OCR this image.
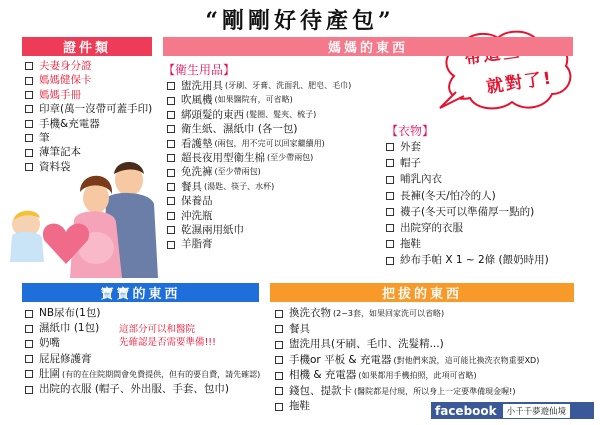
“剛剛好待產包”
就對了!
證件類
夫妻身分證
媽媽健保卡
媽媽手冊
印章(萬一沒帶可蓋手印)
手機&充電器
筆
薄筆記本
資料袋
媽媽的東西
【衛生用品】
盥洗用具 (牙刷、牙膏、洗面乳、肥皂、毛巾)
吹風機 (如果醫院有，可省略)
綁頭髮的東西 (髮圈、髮夾、梳子)
衛生紙、濕紙巾 (各一包)
看護墊 (兩包，用不完可以回家繼續用)
超長夜用型衛生棉 (至少帶兩包)
免洗褲 (至少帶兩包)
餐具 (湯匙、筷子、水杯)
保養品
沖洗瓶
乾濕兩用紙巾
羊脂膏
【衣物】
外套
帽子
哺乳內衣
長褲(冬天/怕冷的人)
襪子(冬天可以準備厚一點的)
出院穿的衣服
拖鞋
紗布手帕 X 1 ~ 2條 (餵奶時用)
寶寶的東西
NB尿布(1包)
濕紙巾 (1包)
奶嘴
屁屁修護膏
肚圍 (有的在住院期間會免費提供，但有的要自費，請先確認)
出院的衣服 (帽子、外出服、手套、包巾)
這部分可以和醫院
先確認是否需要準備!!!
把拔的東西
換洗衣物 (2~3套，如果回家洗可以省略)
餐具
盥洗用具(牙刷、毛巾、洗髮精...)
手機or 平板 & 充電器 (對他們來說，這可能比換洗衣物重要XD)
相機 & 充電器 (如果都用手機拍照，此項可省略)
錢包、提款卡 (醫院都是付現，所以身上一定要準備現金喔!)
拖鞋	facebook	小千千夢遊仙境
